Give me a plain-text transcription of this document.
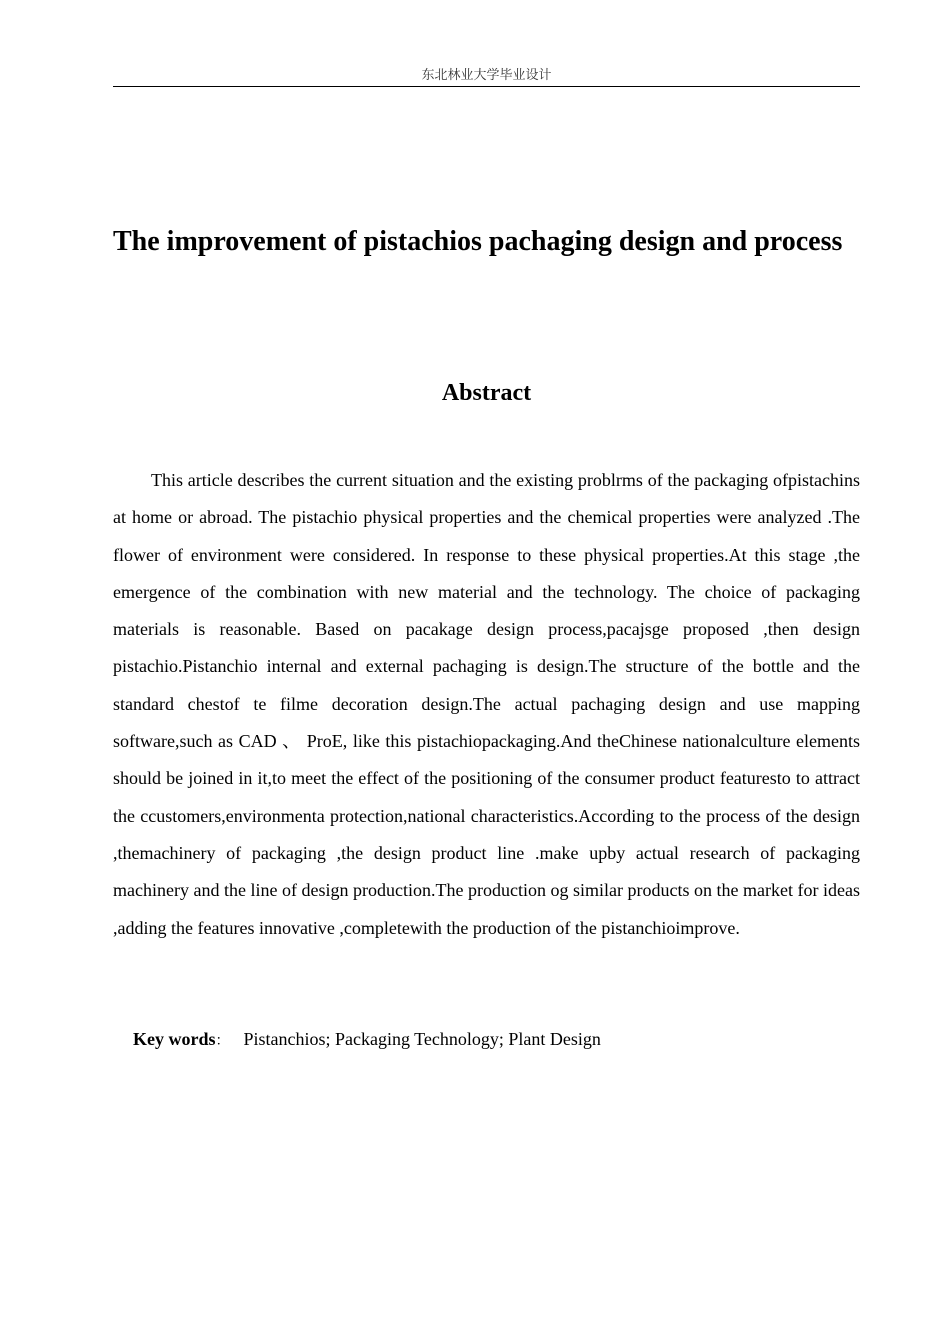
东北林业大学毕业设计
The improvement of pistachios pachaging design and process
Abstract

This article describes the current situation and the existing problrms of the packaging ofpistachins at home or abroad. The pistachio physical properties and the chemical properties were analyzed .The flower of environment were considered. In response to these physical properties.At this stage ,the emergence of the combination with new material and the technology. The choice of packaging materials is reasonable. Based on pacakage design process,pacajsge proposed ,then design pistachio.Pistanchio internal and external pachaging is design.The structure of the bottle and the standard chestof te filme decoration design.The actual pachaging design and use mapping software,such as CAD 、 ProE, like this pistachiopackaging.And theChinese nationalculture elements should be joined in it,to meet the effect of the positioning of the consumer product featuresto to attract the ccustomers,environmenta protection,national characteristics.According to the process of the design ,themachinery of packaging ,the design product line .make upby actual research of packaging machinery and the line of design production.The production og similar products on the market for ideas ,adding the features innovative ,completewith the production of the pistanchioimprove.

Key words： Pistanchios; Packaging Technology; Plant Design
